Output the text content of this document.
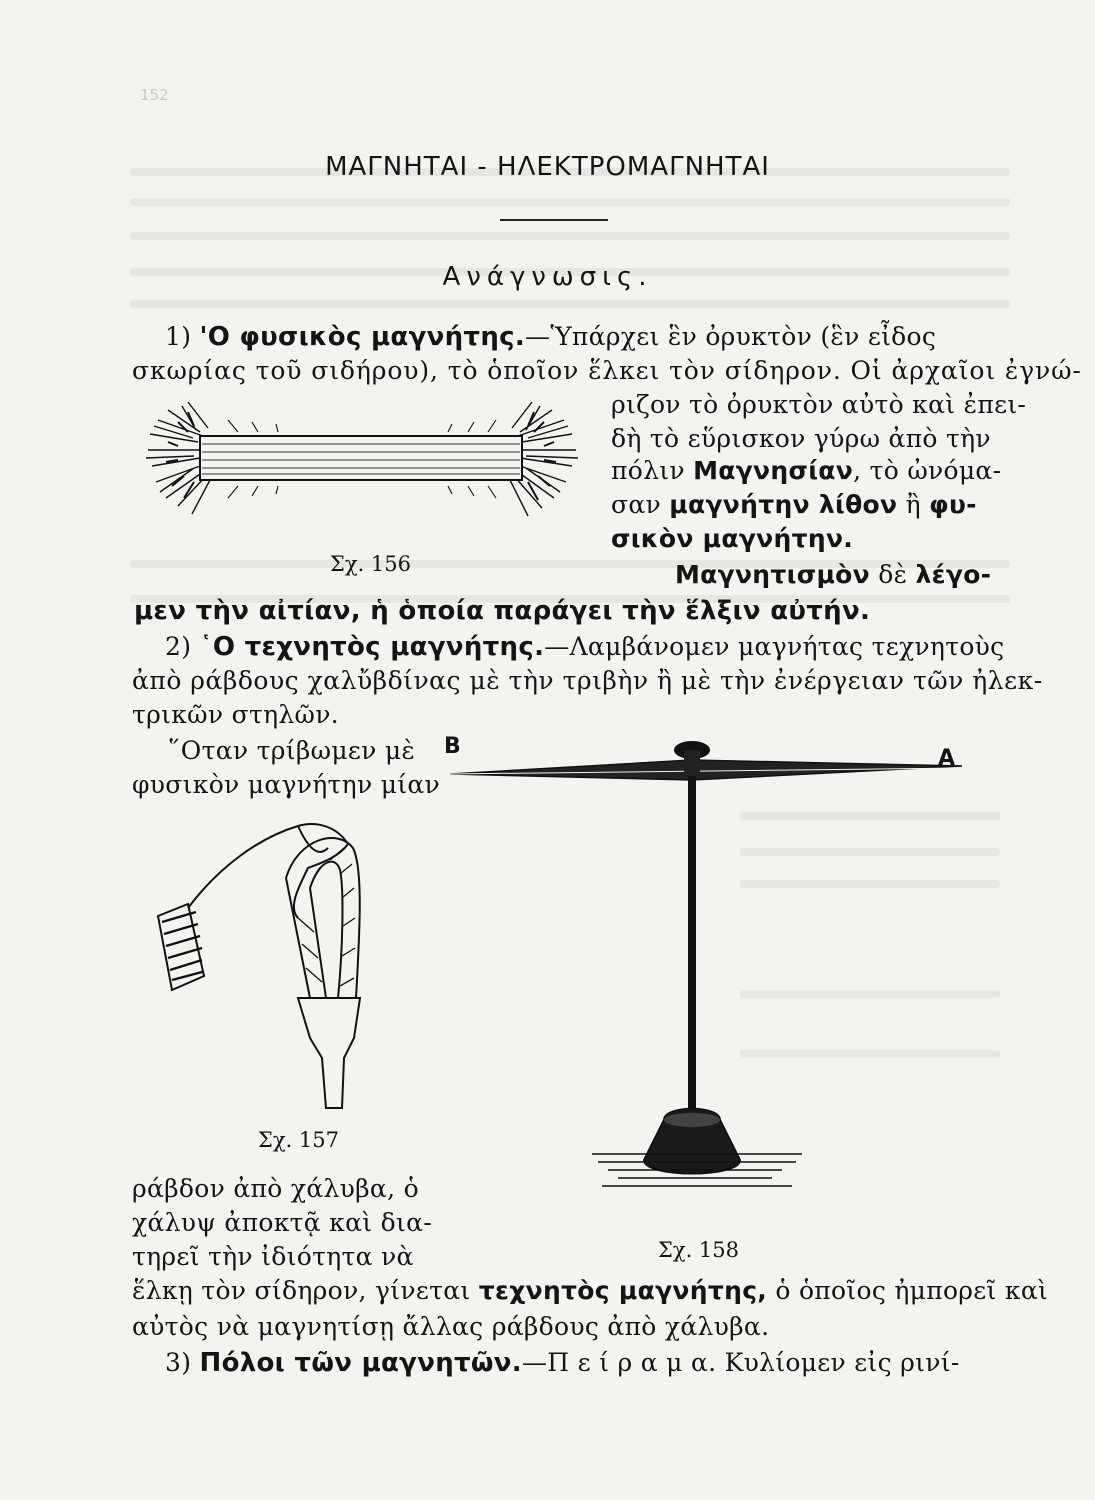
152
ΜΑΓΝΗΤΑΙ - ΗΛΕΚΤΡΟΜΑΓΝΗΤΑΙ
Ανάγνωσις.
1) 'Ο φυσικὸς μαγνήτης.—Ὑπάρχει ἓν ὀρυκτὸν (ἓν εἶδος
σκωρίας τοῦ σιδήρου), τὸ ὁποῖον ἕλκει τὸν σίδηρον. Οἱ ἀρχαῖοι ἐγνώ-
ριζον τὸ ὀρυκτὸν αὐτὸ καὶ ἐπει-
δὴ τὸ εὕρισκον γύρω ἀπὸ τὴν
πόλιν Μαγνησίαν, τὸ ὠνόμα-
σαν μαγνήτην λίθον ἢ φυ-
σικὸν μαγνήτην.
Μαγνητισμὸν δὲ λέγο-
μεν τὴν αἰτίαν, ἡ ὁποία παράγει τὴν ἕλξιν αὐτήν.
Σχ. 156
2) ῾Ο τεχνητὸς μαγνήτης.—Λαμβάνομεν μαγνήτας τεχνητοὺς
ἀπὸ ράβδους χαλὔβδίνας μὲ τὴν τριβὴν ἢ μὲ τὴν ἐνέργειαν τῶν ἠλεκ-
τρικῶν στηλῶν.
῞Οταν τρίβωμεν μὲ
φυσικὸν μαγνήτην μίαν
Σχ. 157
B	A
Σχ. 158
ράβδον ἀπὸ χάλυβα, ὁ
χάλυψ ἀποκτᾷ καὶ δια-
τηρεῖ τὴν ἰδιότητα νὰ
ἕλκῃ τὸν σίδηρον, γίνεται τεχνητὸς μαγνήτης, ὁ ὁποῖος ἠμπορεῖ καὶ
αὐτὸς νὰ μαγνητίσῃ ἄλλας ράβδους ἀπὸ χάλυβα.
3) Πόλοι τῶν μαγνητῶν.—Π ε ί ρ α μ α. Κυλίομεν εἰς ρινί-
